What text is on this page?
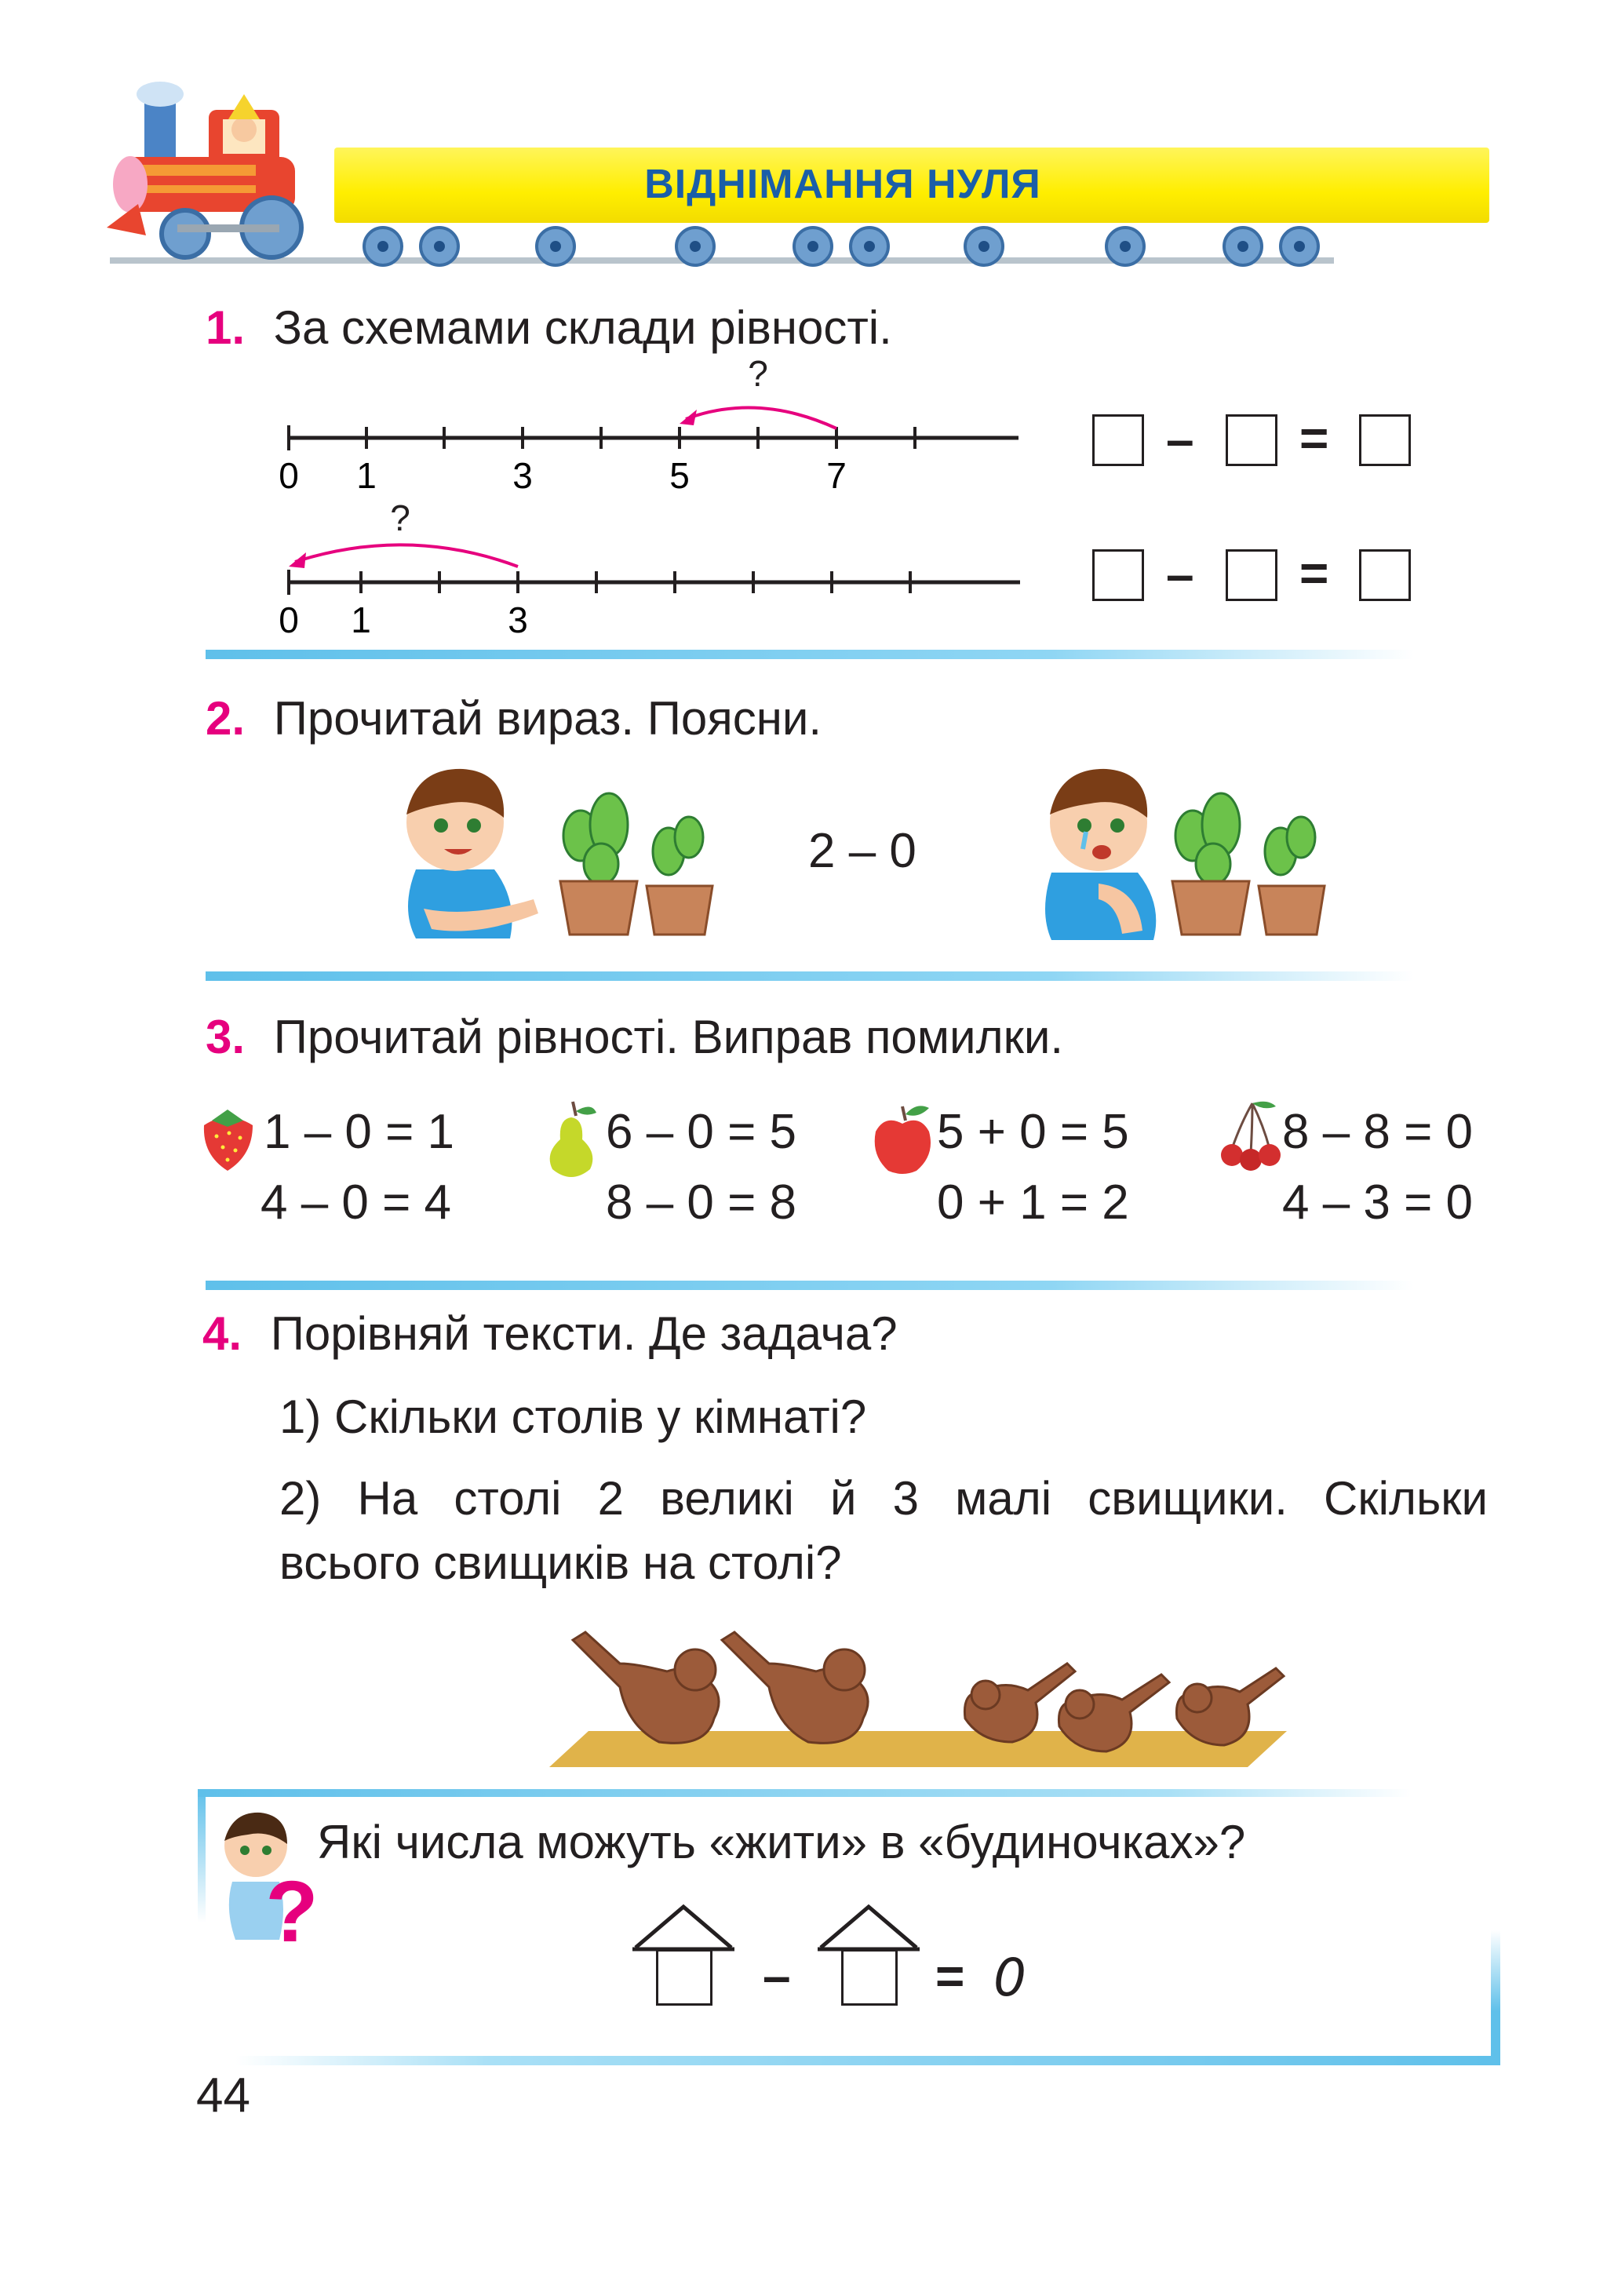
ВІДНІМАННЯ НУЛЯ
1. За схемами склади рівності.
?
0 1	3	5	7
– =
?
0 1	3
– =
2. Прочитай вираз. Поясни.
2 – 0
3. Прочитай рівності. Виправ помилки.
1 – 0 = 1
4 – 0 = 4
6 – 0 = 5
8 – 0 = 8
5 + 0 = 5
0 + 1 = 2
8 – 8 = 0
4 – 3 = 0
4. Порівняй тексти. Де задача?
1) Скільки столів у кімнаті?
2) На столі 2 великі й 3 малі свищики. Скільки
всього свищиків на столі?
?
Які числа можуть «жити» в «будиночках»?
–	= 0
44
